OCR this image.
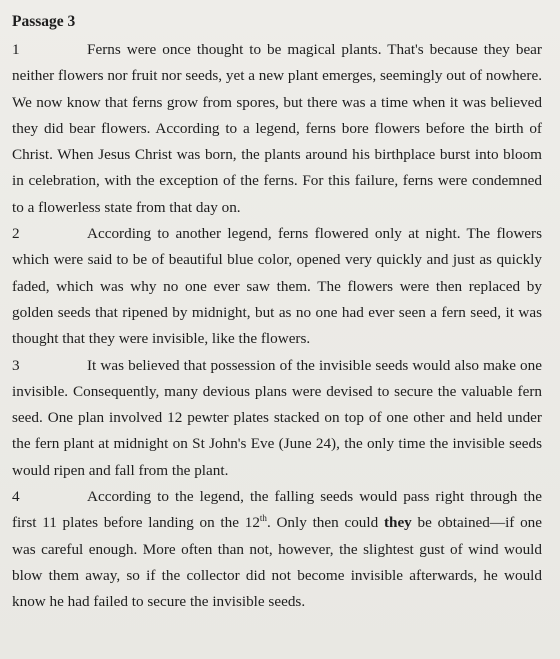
Passage 3

1	Ferns were once thought to be magical plants. That's because they bear neither flowers nor fruit nor seeds, yet a new plant emerges, seemingly out of nowhere. We now know that ferns grow from spores, but there was a time when it was believed they did bear flowers. According to a legend, ferns bore flowers before the birth of Christ. When Jesus Christ was born, the plants around his birthplace burst into bloom in celebration, with the exception of the ferns. For this failure, ferns were condemned to a flowerless state from that day on.

2	According to another legend, ferns flowered only at night. The flowers which were said to be of beautiful blue color, opened very quickly and just as quickly faded, which was why no one ever saw them. The flowers were then replaced by golden seeds that ripened by midnight, but as no one had ever seen a fern seed, it was thought that they were invisible, like the flowers.

3	It was believed that possession of the invisible seeds would also make one invisible. Consequently, many devious plans were devised to secure the valuable fern seed. One plan involved 12 pewter plates stacked on top of one other and held under the fern plant at midnight on St John's Eve (June 24), the only time the invisible seeds would ripen and fall from the plant.

4	According to the legend, the falling seeds would pass right through the first 11 plates before landing on the 12th. Only then could they be obtained—if one was careful enough. More often than not, however, the slightest gust of wind would blow them away, so if the collector did not become invisible afterwards, he would know he had failed to secure the invisible seeds.
